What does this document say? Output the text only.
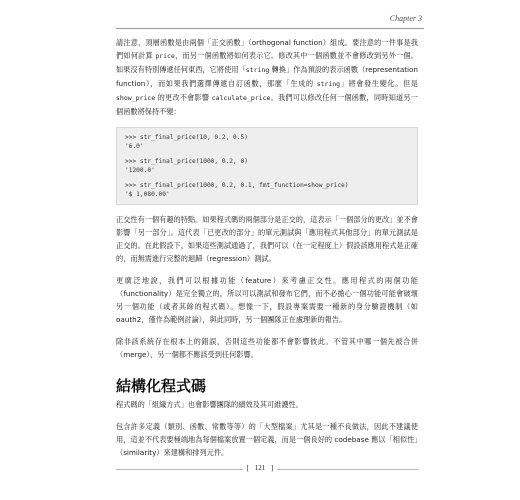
Chapter 3

請注意，頂層函數是由兩個「正交函數」（orthogonal function）組成。要注意的一件事是我們如何計算 price，而另一個函數將如何表示它。修改其中一個函數並不會修改到另外一個。如果沒有特別傳遞任何東西，它將使用「string 轉換」作為預設的表示函數（representation function），而如果我們選擇傳遞自訂函數，那麼「生成的 string」將會發生變化。但是 show_price 的更改不會影響 calculate_price。我們可以修改任何一個函數，同時知道另一個函數將保持不變：

>>> str_final_price(10, 0.2, 0.5)
'6.0'
>>> str_final_price(1000, 0.2, 0)
'1200.0'
>>> str_final_price(1000, 0.2, 0.1, fmt_function=show_price)
'$ 1,080.00'

正交性有一個有趣的特點。如果程式碼的兩個部分是正交的，這表示「一個部分的更改」並不會影響「另一部分」。這代表「已更改的部分」的單元測試與「應用程式其他部分」的單元測試是正交的。在此假設下，如果這些測試通過了，我們可以（在一定程度上）假設該應用程式是正確的，而無需進行完整的迴歸（regression）測試。

更廣泛地說，我們可以根據功能（feature）來考慮正交性。應用程式的兩個功能（functionality）是完全獨立的，所以可以測試和發布它們，而不必擔心一個功能可能會破壞另一個功能（或者其餘的程式碼）。想像一下，假設專案需要一種新的身分驗證機制（如 oauth2，僅作為範例討論），與此同時，另一個團隊正在處理新的報告。

除非該系統存在根本上的錯誤，否則這些功能都不會影響彼此。不管其中哪一個先被合併（merge），另一個都不應該受到任何影響。

結構化程式碼

程式碼的「組織方式」也會影響團隊的績效及其可維護性。

包含許多定義（類別、函數、常數等等）的「大型檔案」尤其是一種不良做法，因此不建議使用，這並不代表要極端地為每個檔案放置一個定義，而是一個良好的 codebase 應以「相似性」（similarity）來建構和排列元件。

[ 121 ]
